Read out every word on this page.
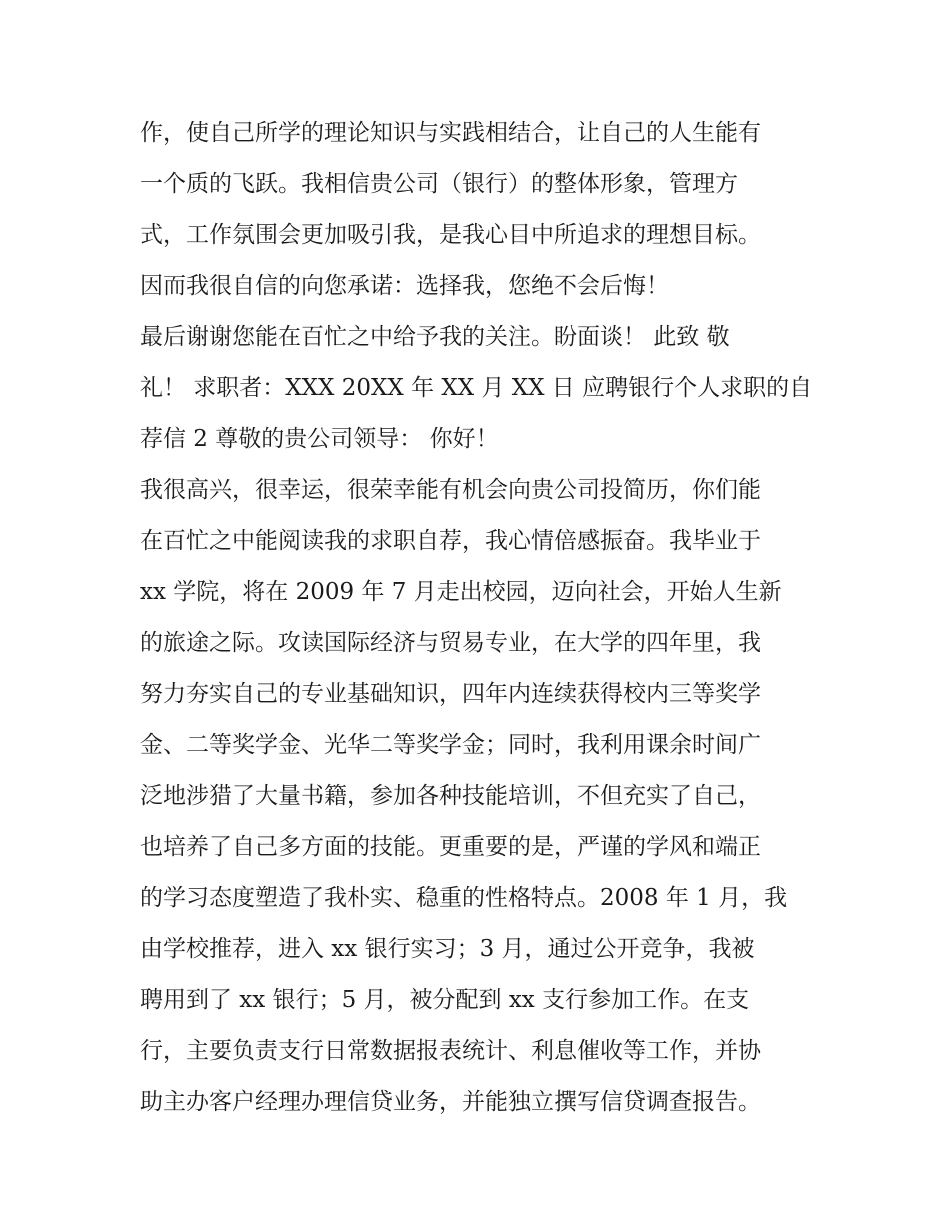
作，使自己所学的理论知识与实践相结合，让自己的人生能有
一个质的飞跃。我相信贵公司（银行）的整体形象，管理方
式，工作氛围会更加吸引我，是我心目中所追求的理想目标。
因而我很自信的向您承诺：选择我，您绝不会后悔！
最后谢谢您能在百忙之中给予我的关注。盼面谈！ 此致 敬
礼！ 求职者：XXX 20XX 年 XX 月 XX 日 应聘银行个人求职的自
荐信 2 尊敬的贵公司领导： 你好！
我很高兴，很幸运，很荣幸能有机会向贵公司投简历，你们能
在百忙之中能阅读我的求职自荐，我心情倍感振奋。我毕业于
xx 学院，将在 2009 年 7 月走出校园，迈向社会，开始人生新
的旅途之际。攻读国际经济与贸易专业，在大学的四年里，我
努力夯实自己的专业基础知识，四年内连续获得校内三等奖学
金、二等奖学金、光华二等奖学金；同时，我利用课余时间广
泛地涉猎了大量书籍，参加各种技能培训，不但充实了自己，
也培养了自己多方面的技能。更重要的是，严谨的学风和端正
的学习态度塑造了我朴实、稳重的性格特点。2008 年 1 月，我
由学校推荐，进入 xx 银行实习；3 月，通过公开竞争，我被
聘用到了 xx 银行；5 月，被分配到 xx 支行参加工作。在支
行，主要负责支行日常数据报表统计、利息催收等工作，并协
助主办客户经理办理信贷业务，并能独立撰写信贷调查报告。
